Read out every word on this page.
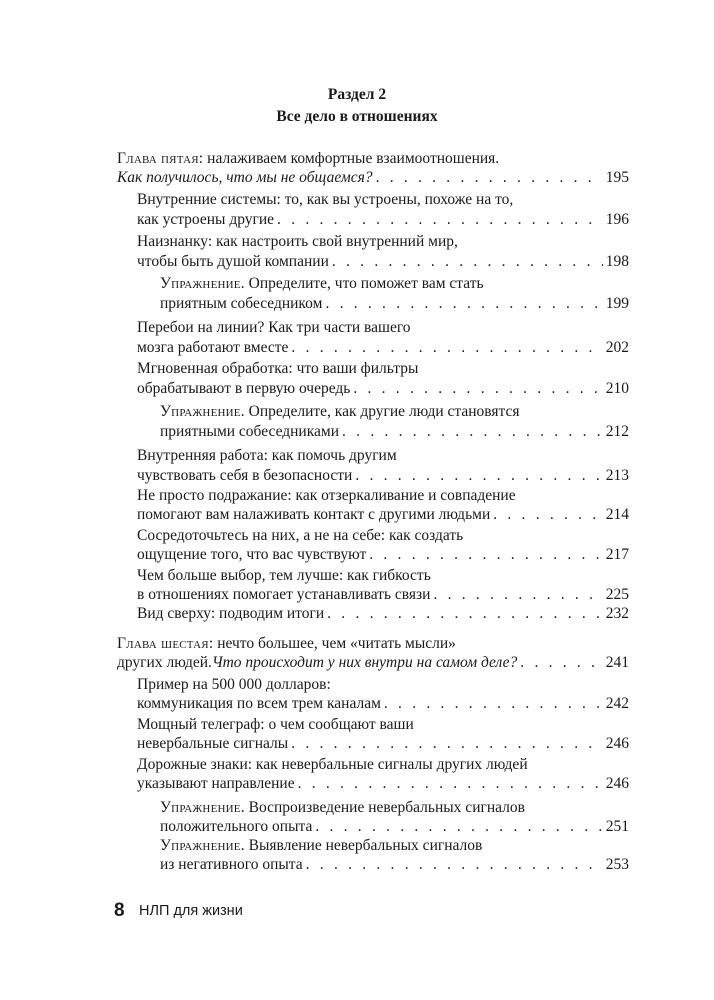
Раздел 2
Все дело в отношениях
Глава пятая: налаживаем комфортные взаимоотношения.
Как получилось, что мы не общаемся? . . .	195
Внутренние системы: то, как вы устроены, похоже на то,
как устроены другие . . .	196
Наизнанку: как настроить свой внутренний мир,
чтобы быть душой компании . . .	198
Упражнение. Определите, что поможет вам стать
приятным собеседником . . .	199
Перебои на линии? Как три части вашего
мозга работают вместе . . .	202
Мгновенная обработка: что ваши фильтры
обрабатывают в первую очередь . . .	210
Упражнение. Определите, как другие люди становятся
приятными собеседниками . . .	212
Внутренняя работа: как помочь другим
чувствовать себя в безопасности . . .	213
Не просто подражание: как отзеркаливание и совпадение
помогают вам налаживать контакт с другими людьми . . .	214
Сосредоточьтесь на них, а не на себе: как создать
ощущение того, что вас чувствуют . . .	217
Чем больше выбор, тем лучше: как гибкость
в отношениях помогает устанавливать связи . . .	225
Вид сверху: подводим итоги . . .	232
Глава шестая: нечто большее, чем «читать мысли»
других людей.Что происходит у них внутри на самом деле? . . .	241
Пример на 500 000 долларов:
коммуникация по всем трем каналам . . .	242
Мощный телеграф: о чем сообщают ваши
невербальные сигналы . . .	246
Дорожные знаки: как невербальные сигналы других людей
указывают направление . . .	246
Упражнение. Воспроизведение невербальных сигналов
положительного опыта . . .	251
Упражнение. Выявление невербальных сигналов
из негативного опыта . . .	253
8 НЛП для жизни
